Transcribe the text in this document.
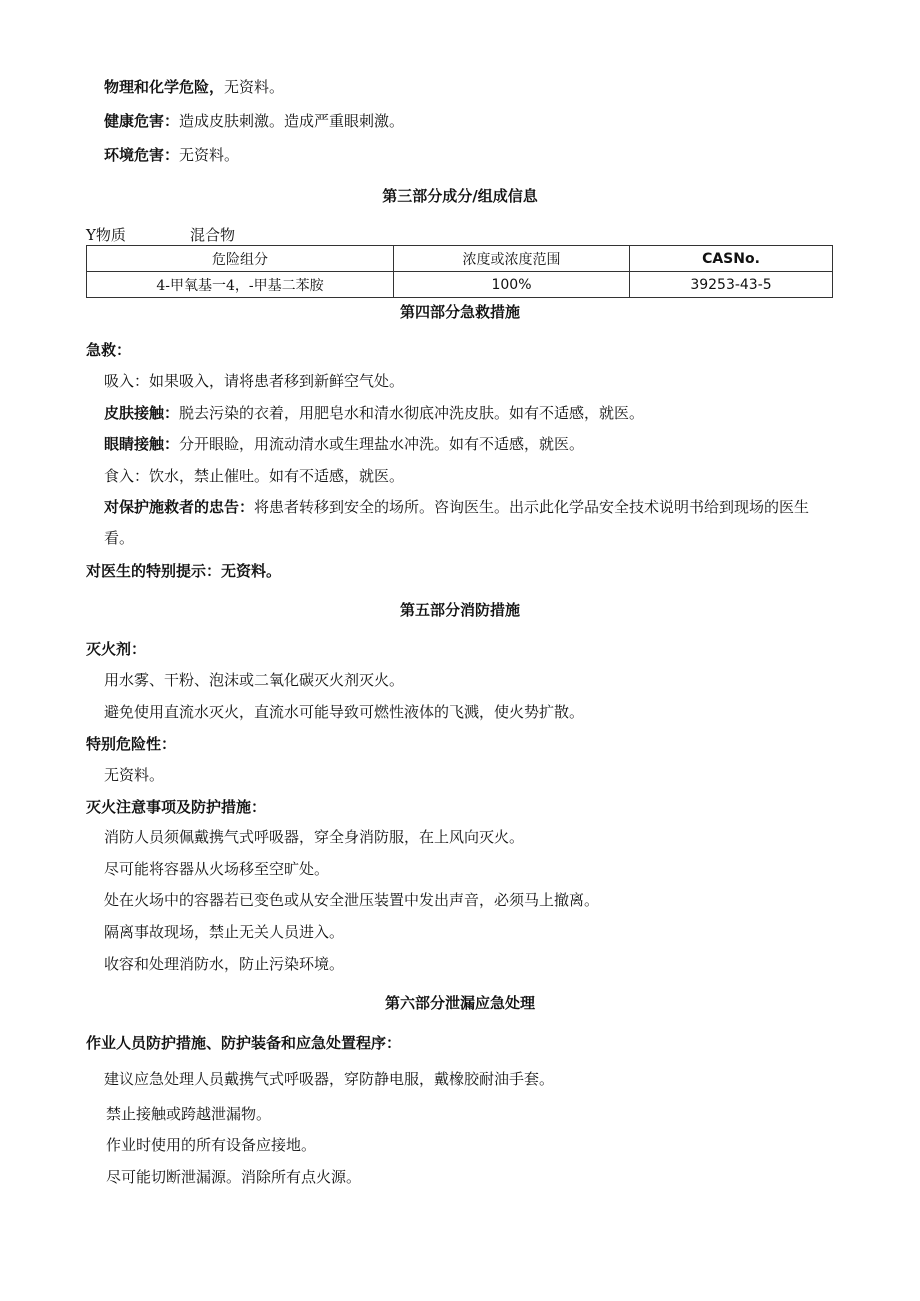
物理和化学危险，无资料。
健康危害：造成皮肤刺激。造成严重眼刺激。
环境危害：无资料。
第三部分成分/组成信息
Y物质	混合物
危险组分	浓度或浓度范围	CASNo.
4-甲氧基一4，-甲基二苯胺	100%	39253-43-5
第四部分急救措施
急救：
吸入：如果吸入，请将患者移到新鲜空气处。
皮肤接触：脱去污染的衣着，用肥皂水和清水彻底冲洗皮肤。如有不适感，就医。
眼睛接触：分开眼睑，用流动清水或生理盐水冲洗。如有不适感，就医。
食入：饮水，禁止催吐。如有不适感，就医。
对保护施救者的忠告：将患者转移到安全的场所。咨询医生。出示此化学品安全技术说明书给到现场的医生
看。
对医生的特别提示：无资料。
第五部分消防措施
灭火剂：
用水雾、干粉、泡沫或二氧化碳灭火剂灭火。
避免使用直流水灭火，直流水可能导致可燃性液体的飞溅，使火势扩散。
特别危险性：
无资料。
灭火注意事项及防护措施：
消防人员须佩戴携气式呼吸器，穿全身消防服，在上风向灭火。
尽可能将容器从火场移至空旷处。
处在火场中的容器若已变色或从安全泄压装置中发出声音，必须马上撤离。
隔离事故现场，禁止无关人员进入。
收容和处理消防水，防止污染环境。
第六部分泄漏应急处理
作业人员防护措施、防护装备和应急处置程序：
建议应急处理人员戴携气式呼吸器，穿防静电服，戴橡胶耐油手套。
禁止接触或跨越泄漏物。
作业时使用的所有设备应接地。
尽可能切断泄漏源。消除所有点火源。
